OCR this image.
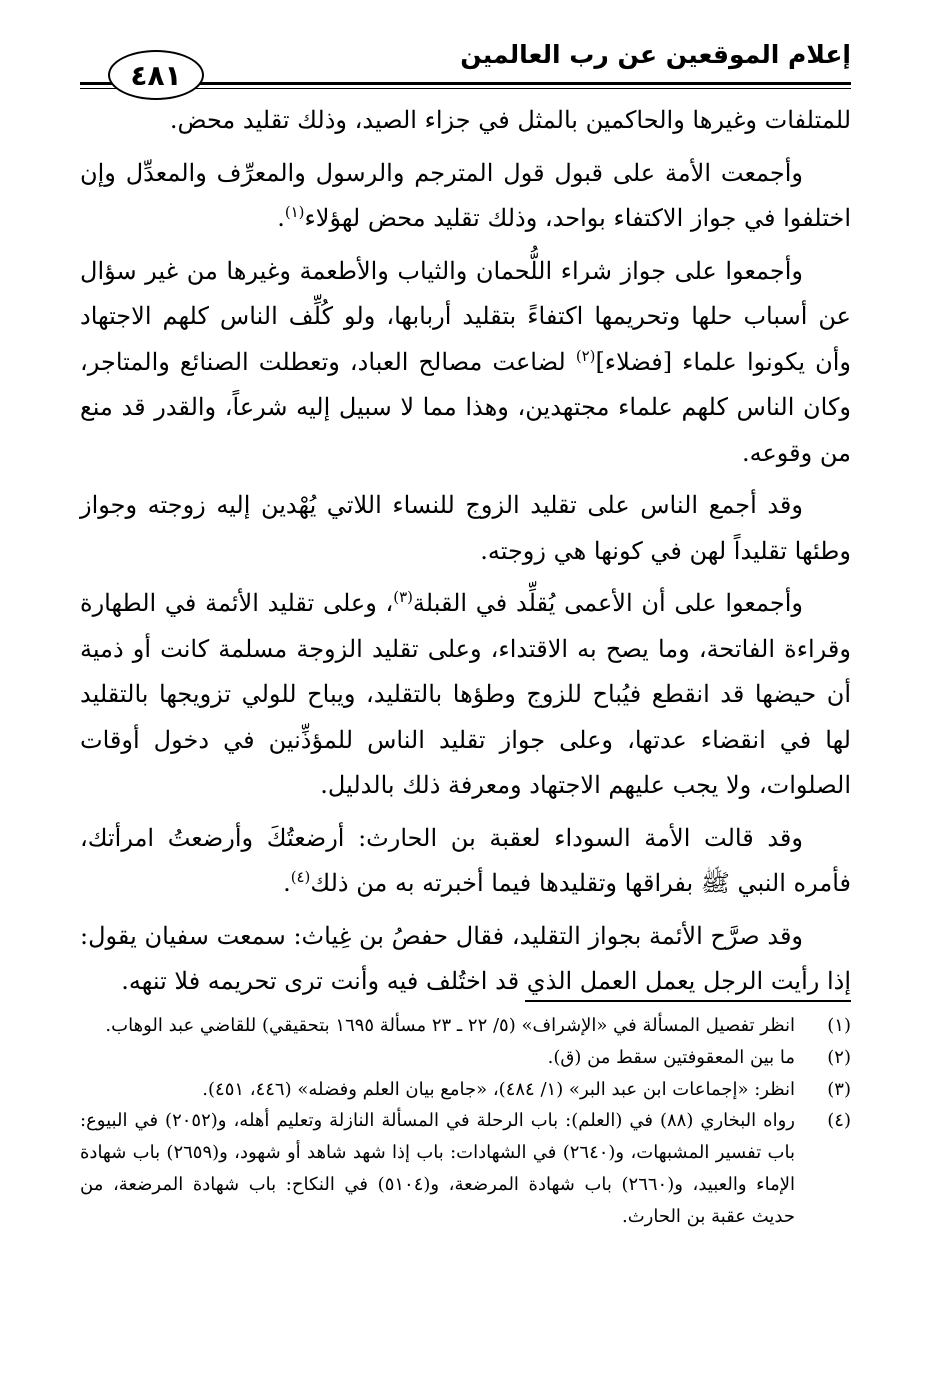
إعلام الموقعين عن رب العالمين
٤٨١

للمتلفات وغيرها والحاكمين بالمثل في جزاء الصيد، وذلك تقليد محض.

وأجمعت الأمة على قبول قول المترجم والرسول والمعرِّف والمعدِّل وإن اختلفوا في جواز الاكتفاء بواحد، وذلك تقليد محض لهؤلاء$^{(١)}$.

وأجمعوا على جواز شراء اللُّحمان والثياب والأطعمة وغيرها من غير سؤال عن أسباب حلها وتحريمها اكتفاءً بتقليد أربابها، ولو كُلِّف الناس كلهم الاجتهاد وأن يكونوا علماء [فضلاء]$^{(٢)}$ لضاعت مصالح العباد، وتعطلت الصنائع والمتاجر، وكان الناس كلهم علماء مجتهدين، وهذا مما لا سبيل إليه شرعاً، والقدر قد منع من وقوعه.

وقد أجمع الناس على تقليد الزوج للنساء اللاتي يُهْدين إليه زوجته وجواز وطئها تقليداً لهن في كونها هي زوجته.

وأجمعوا على أن الأعمى يُقلِّد في القبلة$^{(٣)}$، وعلى تقليد الأئمة في الطهارة وقراءة الفاتحة، وما يصح به الاقتداء، وعلى تقليد الزوجة مسلمة كانت أو ذمية أن حيضها قد انقطع فيُباح للزوج وطؤها بالتقليد، ويباح للولي تزويجها بالتقليد لها في انقضاء عدتها، وعلى جواز تقليد الناس للمؤذِّنين في دخول أوقات الصلوات، ولا يجب عليهم الاجتهاد ومعرفة ذلك بالدليل.

وقد قالت الأمة السوداء لعقبة بن الحارث: أرضعتُكَ وأرضعتُ امرأتك، فأمره النبي ﷺ بفراقها وتقليدها فيما أخبرته به من ذلك$^{(٤)}$.

وقد صرَّح الأئمة بجواز التقليد، فقال حفصُ بن غِياث: سمعت سفيان يقول: إذا رأيت الرجل يعمل العمل الذي قد اختُلف فيه وأنت ترى تحريمه فلا تنهه.

(١)
انظر تفصيل المسألة في «الإشراف» (٥/ ٢٢ ـ ٢٣ مسألة ١٦٩٥ بتحقيقي) للقاضي عبد الوهاب.
(٢)
ما بين المعقوفتين سقط من (ق).
(٣)
انظر: «إجماعات ابن عبد البر» (١/ ٤٨٤)، «جامع بيان العلم وفضله» (٤٤٦، ٤٥١).
(٤)
رواه البخاري (٨٨) في (العلم): باب الرحلة في المسألة النازلة وتعليم أهله، و(٢٠٥٢) في البيوع: باب تفسير المشبهات، و(٢٦٤٠) في الشهادات: باب إذا شهد شاهد أو شهود، و(٢٦٥٩) باب شهادة الإماء والعبيد، و(٢٦٦٠) باب شهادة المرضعة، و(٥١٠٤) في النكاح: باب شهادة المرضعة، من حديث عقبة بن الحارث.
